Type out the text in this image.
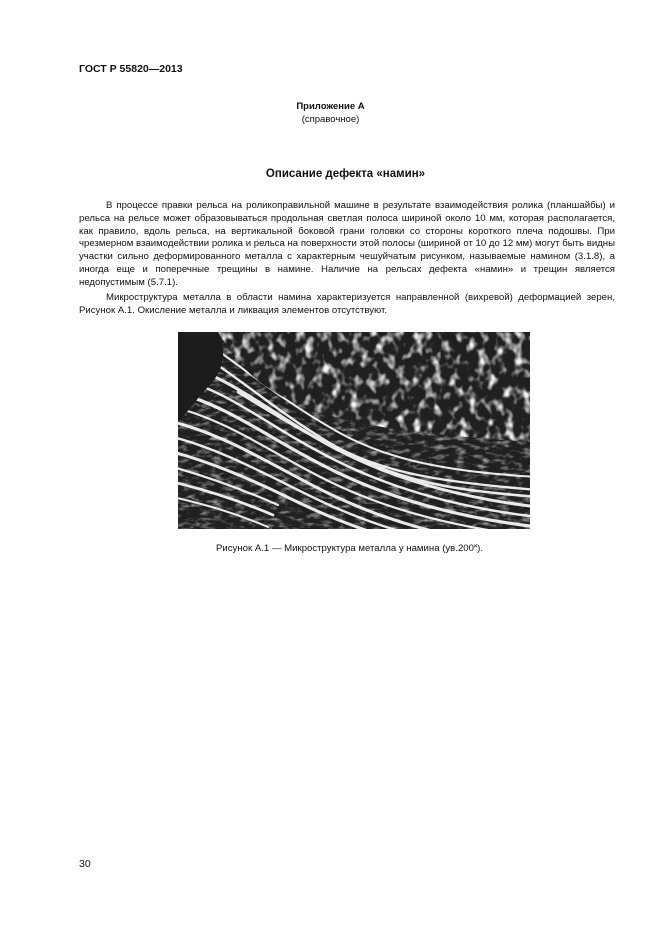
ГОСТ Р 55820—2013
Приложение А
(справочное)
Описание дефекта «намин»

В процессе правки рельса на роликоправильной машине в результате взаимодействия ролика (планшайбы) и рельса на рельсе может образовываться продольная светлая полоса шириной около 10 мм, которая располагается, как правило, вдоль рельса, на вертикальной боковой грани головки со стороны короткого плеча подошвы. При чрезмерном взаимодействии ролика и рельса на поверхности этой полосы (шириной от 10 до 12 мм) могут быть видны участки сильно деформированного металла с характерным чешуйчатым рисунком, называемые намином (3.1.8), а иногда еще и поперечные трещины в намине. Наличие на рельсах дефекта «намин» и трещин является недопустимым (5.7.1).

Микроструктура металла в области намина характеризуется направленной (вихревой) деформацией зерен, Рисунок А.1. Окисление металла и ликвация элементов отсутствуют.

Рисунок А.1 — Микроструктура металла у намина (ув.200˟).
30
